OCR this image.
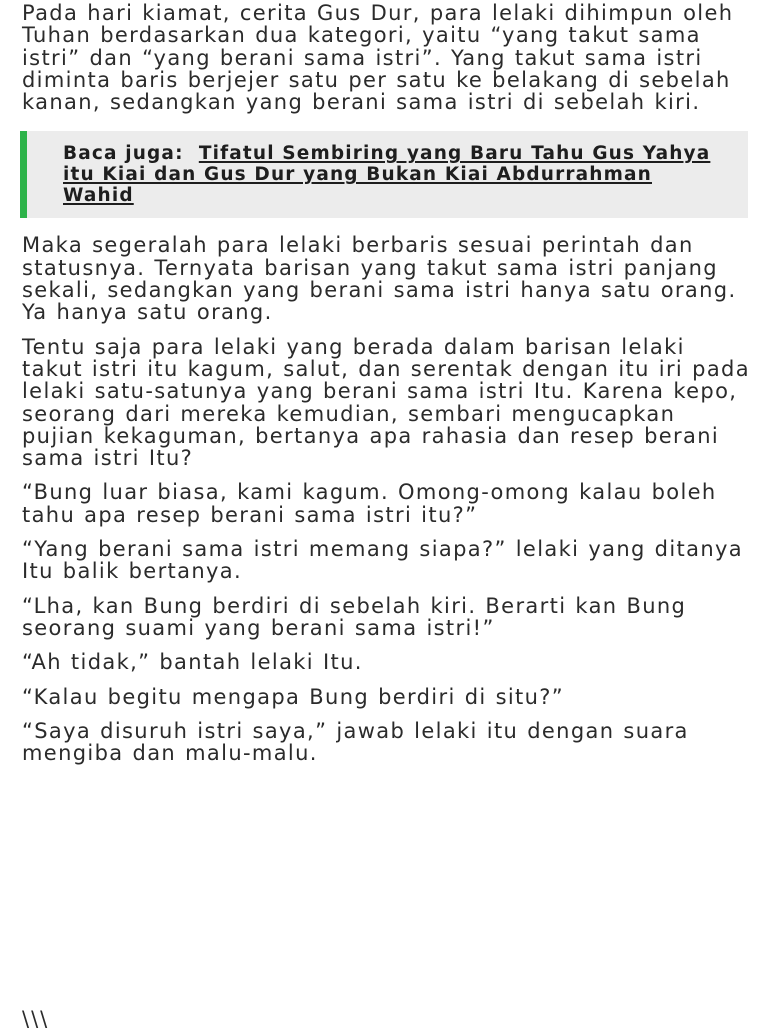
Pada hari kiamat, cerita Gus Dur, para lelaki dihimpun oleh Tuhan berdasarkan dua kategori, yaitu “yang takut sama istri” dan “yang berani sama istri”. Yang takut sama istri diminta baris berjejer satu per satu ke belakang di sebelah kanan, sedangkan yang berani sama istri di sebelah kiri.

Baca juga: Tifatul Sembiring yang Baru Tahu Gus Yahya itu Kiai dan Gus Dur yang Bukan Kiai Abdurrahman Wahid

Maka segeralah para lelaki berbaris sesuai perintah dan statusnya. Ternyata barisan yang takut sama istri panjang sekali, sedangkan yang berani sama istri hanya satu orang. Ya hanya satu orang.

Tentu saja para lelaki yang berada dalam barisan lelaki takut istri itu kagum, salut, dan serentak dengan itu iri pada lelaki satu-satunya yang berani sama istri Itu. Karena kepo, seorang dari mereka kemudian, sembari mengucapkan pujian kekaguman, bertanya apa rahasia dan resep berani sama istri Itu?

“Bung luar biasa, kami kagum. Omong-omong kalau boleh tahu apa resep berani sama istri itu?”

“Yang berani sama istri memang siapa?” lelaki yang ditanya Itu balik bertanya.

“Lha, kan Bung berdiri di sebelah kiri. Berarti kan Bung seorang suami yang berani sama istri!”

“Ah tidak,” bantah lelaki Itu.

“Kalau begitu mengapa Bung berdiri di situ?”

“Saya disuruh istri saya,” jawab lelaki itu dengan suara mengiba dan malu-malu.

\\\
